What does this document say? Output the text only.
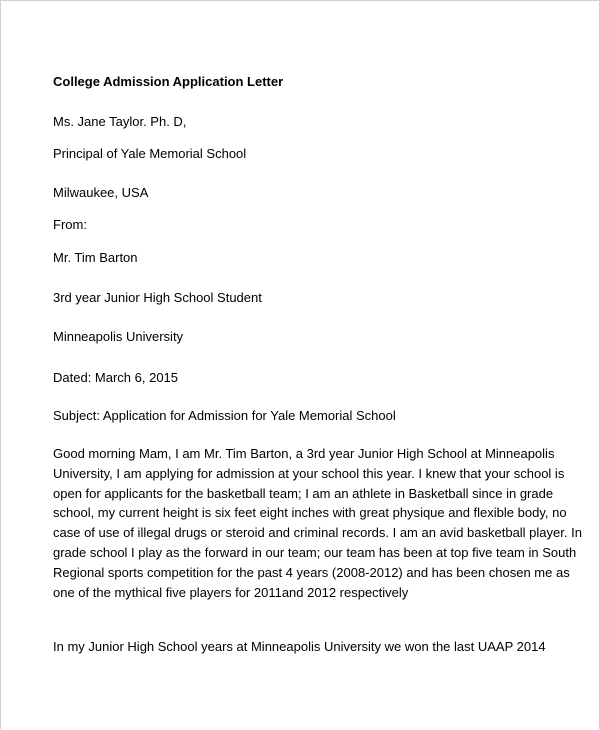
College Admission Application Letter
Ms. Jane Taylor. Ph. D,
Principal of Yale Memorial School
Milwaukee, USA
From:
Mr. Tim Barton
3rd year Junior High School Student
Minneapolis University
Dated: March 6, 2015
Subject: Application for Admission for Yale Memorial School
Good morning Mam, I am Mr. Tim Barton, a 3rd year Junior High School at Minneapolis
University, I am applying for admission at your school this year. I knew that your school is
open for applicants for the basketball team; I am an athlete in Basketball since in grade
school, my current height is six feet eight inches with great physique and flexible body, no
case of use of illegal drugs or steroid and criminal records. I am an avid basketball player. In
grade school I play as the forward in our team; our team has been at top five team in South
Regional sports competition for the past 4 years (2008-2012) and has been chosen me as
one of the mythical five players for 2011and 2012 respectively
In my Junior High School years at Minneapolis University we won the last UAAP 2014
